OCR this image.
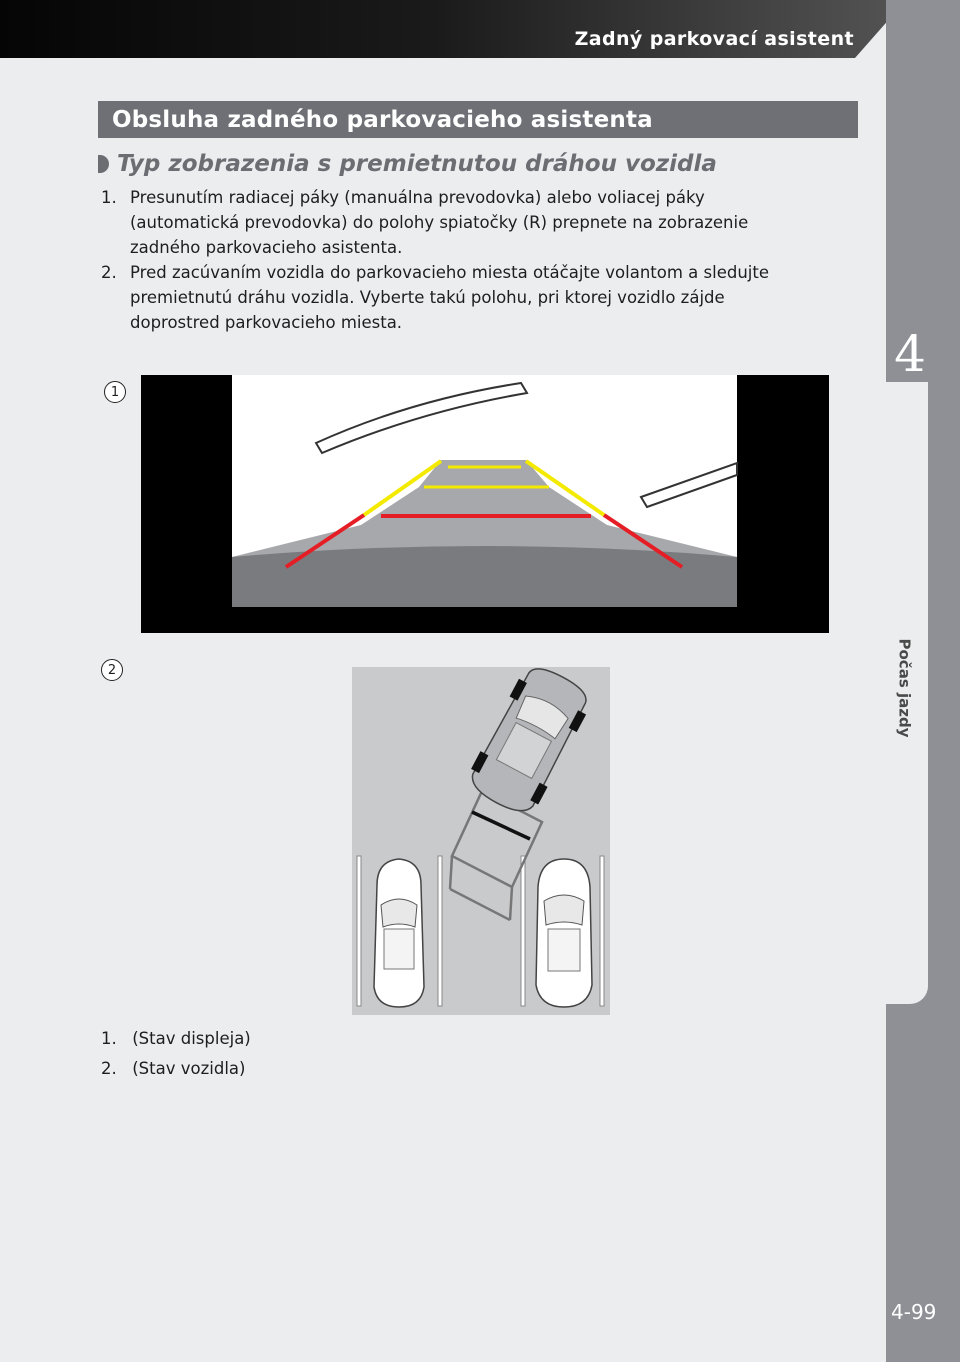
Zadný parkovací asistent
4
Počas jazdy
Obsluha zadného parkovacieho asistenta
Typ zobrazenia s premietnutou dráhou vozidla
1. Presunutím radiacej páky (manuálna prevodovka) alebo voliacej páky
(automatická prevodovka) do polohy spiatočky (R) prepnete na zobrazenie
zadného parkovacieho asistenta.
2. Pred zacúvaním vozidla do parkovacieho miesta otáčajte volantom a sledujte
premietnutú dráhu vozidla. Vyberte takú polohu, pri ktorej vozidlo zájde
doprostred parkovacieho miesta.
1
2
1. (Stav displeja)
2. (Stav vozidla)
4-99
